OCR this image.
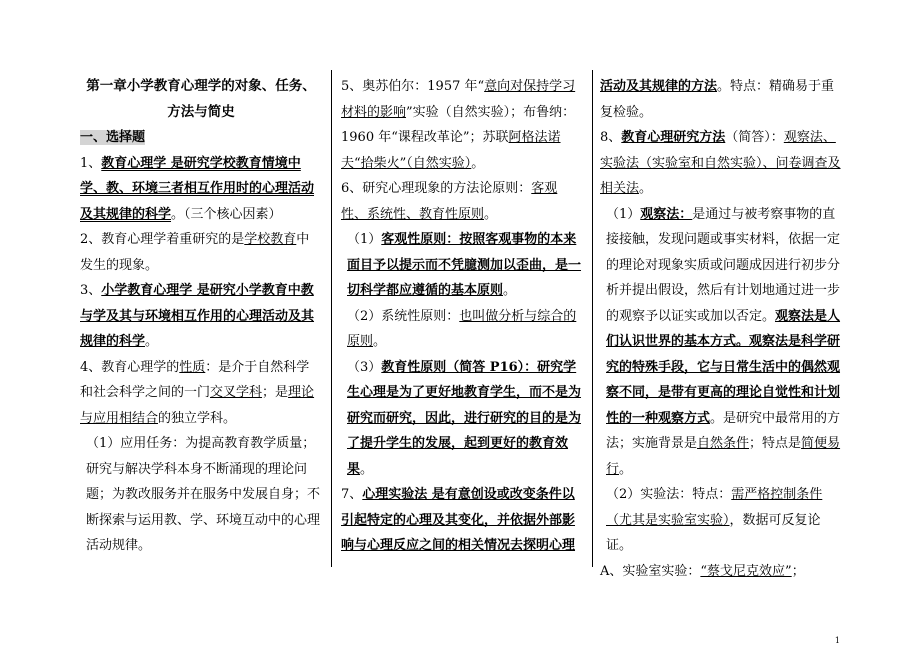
第一章小学教育心理学的对象、任务、方法与简史

一、选择题

1、教育心理学 是研究学校教育情境中学、教、环境三者相互作用时的心理活动及其规律的科学。（三个核心因素）

2、教育心理学着重研究的是学校教育中发生的现象。

3、小学教育心理学 是研究小学教育中教与学及其与环境相互作用的心理活动及其规律的科学。

4、教育心理学的性质：是介于自然科学和社会科学之间的一门交叉学科；是理论与应用相结合的独立学科。

（1）应用任务：为提高教育教学质量；研究与解决学科本身不断涌现的理论问题；为教改服务并在服务中发展自身；不断探索与运用教、学、环境互动中的心理活动规律。

5、奥苏伯尔：1957 年“意向对保持学习材料的影响”实验（自然实验）；布鲁纳：1960 年“课程改革论”；苏联阿格法诺夫“拾柴火”（自然实验）。

6、研究心理现象的方法论原则：客观性、系统性、教育性原则。

（1）客观性原则：按照客观事物的本来面目予以提示而不凭臆测加以歪曲，是一切科学都应遵循的基本原则。

（2）系统性原则：也叫做分析与综合的原则。

（3）教育性原则（简答 P16）：研究学生心理是为了更好地教育学生，而不是为研究而研究，因此，进行研究的目的是为了提升学生的发展，起到更好的教育效果。

7、心理实验法 是有意创设或改变条件以引起特定的心理及其变化，并依据外部影响与心理反应之间的相关情况去探明心理

活动及其规律的方法。特点：精确易于重复检验。

8、教育心理研究方法（简答）：观察法、实验法（实验室和自然实验）、问卷调查及相关法。

（1）观察法：是通过与被考察事物的直接接触，发现问题或事实材料，依据一定的理论对现象实质或问题成因进行初步分析并提出假设，然后有计划地通过进一步的观察予以证实或加以否定。观察法是人们认识世界的基本方式。观察法是科学研究的特殊手段，它与日常生活中的偶然观察不同，是带有更高的理论自觉性和计划性的一种观察方式。是研究中最常用的方法；实施背景是自然条件；特点是简便易行。

（2）实验法：特点：需严格控制条件（尤其是实验室实验），数据可反复论证。

A、实验室实验：“蔡戈尼克效应”；

1
